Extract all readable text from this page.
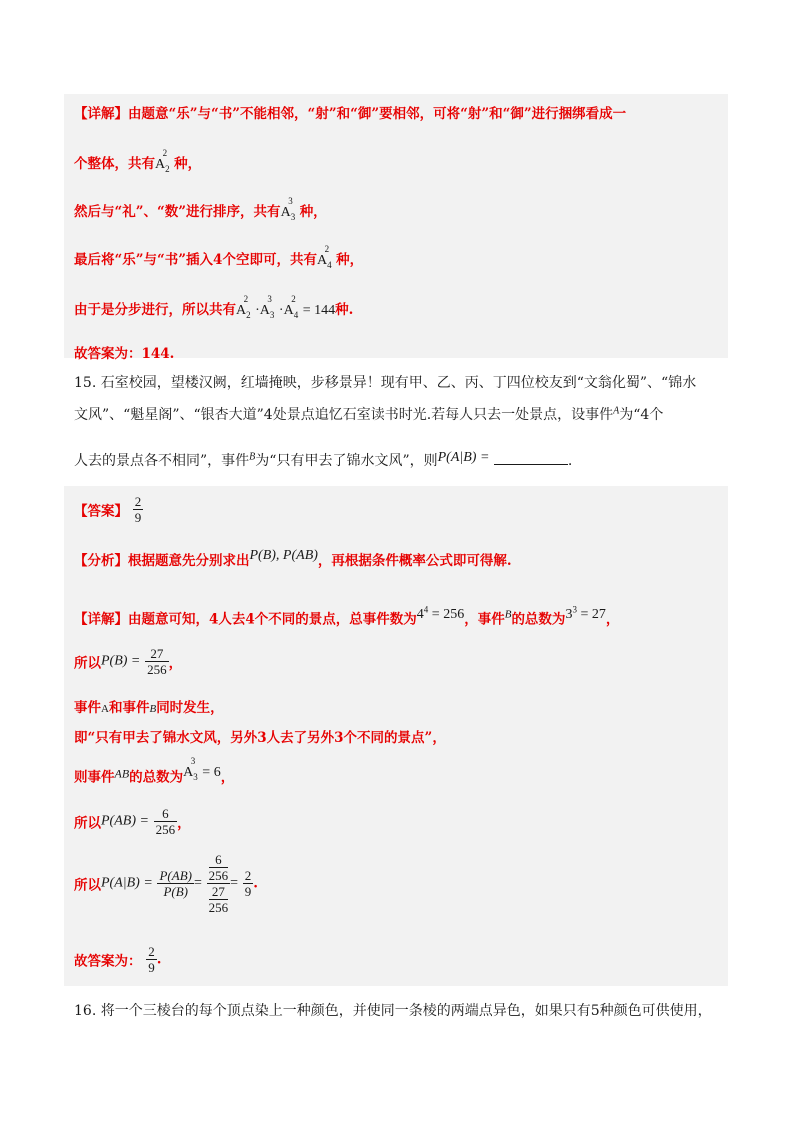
【详解】由题意“乐”与“书”不能相邻，“射”和“御”要相邻，可将“射”和“御”进行捆绑看成一
个整体，共有$A_2^2$种，
然后与“礼”、“数”进行排序，共有$A_3^3$种，
最后将“乐”与“书”插入4个空即可，共有$A_4^2$种，
由于是分步进行，所以共有$A_2^2\cdot A_3^3\cdot A_4^2= 144$种.
故答案为：144.
15. 石室校园，望楼汉阙，红墙掩映，步移景异！现有甲、乙、丙、丁四位校友到“文翁化蜀”、“锦水
文风”、“魁星阁”、“银杏大道”4处景点追忆石室读书时光.若每人只去一处景点，设事件$^A$为“4个
人去的景点各不相同”，事件$^B$为“只有甲去了锦水文风”，则P(A|B) =	.
【答案】 $\frac{2}{9}$
【分析】根据题意先分别求出P(B), P(AB)，再根据条件概率公式即可得解.
【详解】由题意可知，4人去4个不同的景点，总事件数为$4^4 = 256$，事件$^B$的总数为$3^3 = 27$，
所以$P(B) = \frac{27}{256}$ ，
事件A和事件B同时发生，
即“只有甲去了锦水文风，另外3人去了另外3个不同的景点”，
则事件AB的总数为$A_3^3= 6$，
所以$P(AB) = \frac{6}{256}$ ，
所以$P(A|B) = \frac{P(AB)}{P(B)} = 6$
256
27
$256 = \frac{2}{9}$ .
故答案为： $\frac{2}{9}$ .
16. 将一个三棱台的每个顶点染上一种颜色，并使同一条棱的两端点异色，如果只有5种颜色可供使用，
